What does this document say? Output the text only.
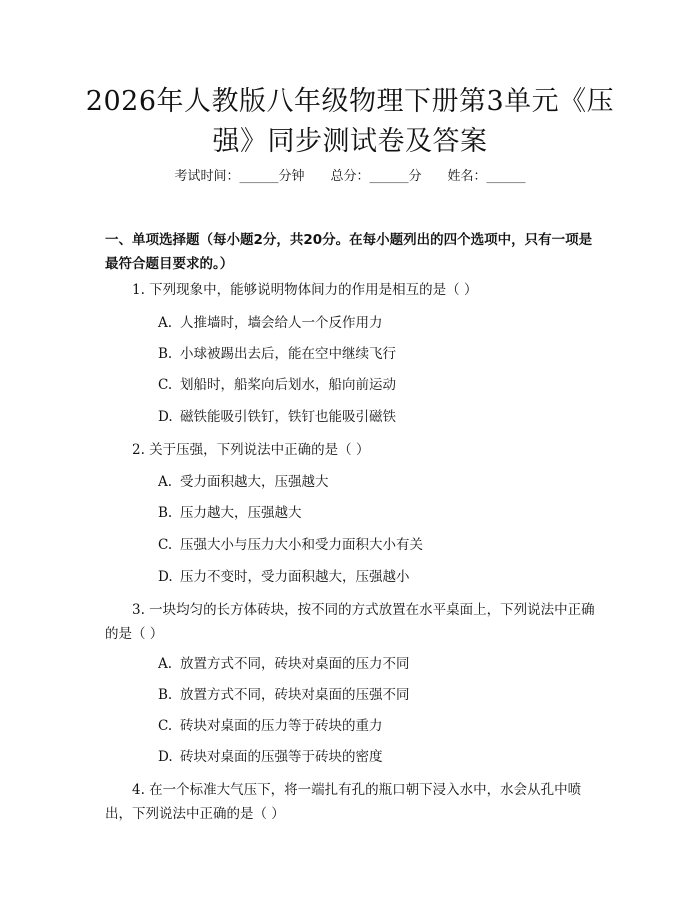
2026年人教版八年级物理下册第3单元《压
强》同步测试卷及答案
考试时间：______分钟 总分：______分 姓名：______
一、单项选择题（每小题2分，共20分。在每小题列出的四个选项中，只有一项是最符合题目要求的。）
1. 下列现象中，能够说明物体间力的作用是相互的是（ ）
A. 人推墙时，墙会给人一个反作用力
B. 小球被踢出去后，能在空中继续飞行
C. 划船时，船桨向后划水，船向前运动
D. 磁铁能吸引铁钉，铁钉也能吸引磁铁
2. 关于压强，下列说法中正确的是（ ）
A. 受力面积越大，压强越大
B. 压力越大，压强越大
C. 压强大小与压力大小和受力面积大小有关
D. 压力不变时，受力面积越大，压强越小
3. 一块均匀的长方体砖块，按不同的方式放置在水平桌面上，下列说法中正确的是（ ）
A. 放置方式不同，砖块对桌面的压力不同
B. 放置方式不同，砖块对桌面的压强不同
C. 砖块对桌面的压力等于砖块的重力
D. 砖块对桌面的压强等于砖块的密度
4. 在一个标准大气压下，将一端扎有孔的瓶口朝下浸入水中，水会从孔中喷出，下列说法中正确的是（ ）
